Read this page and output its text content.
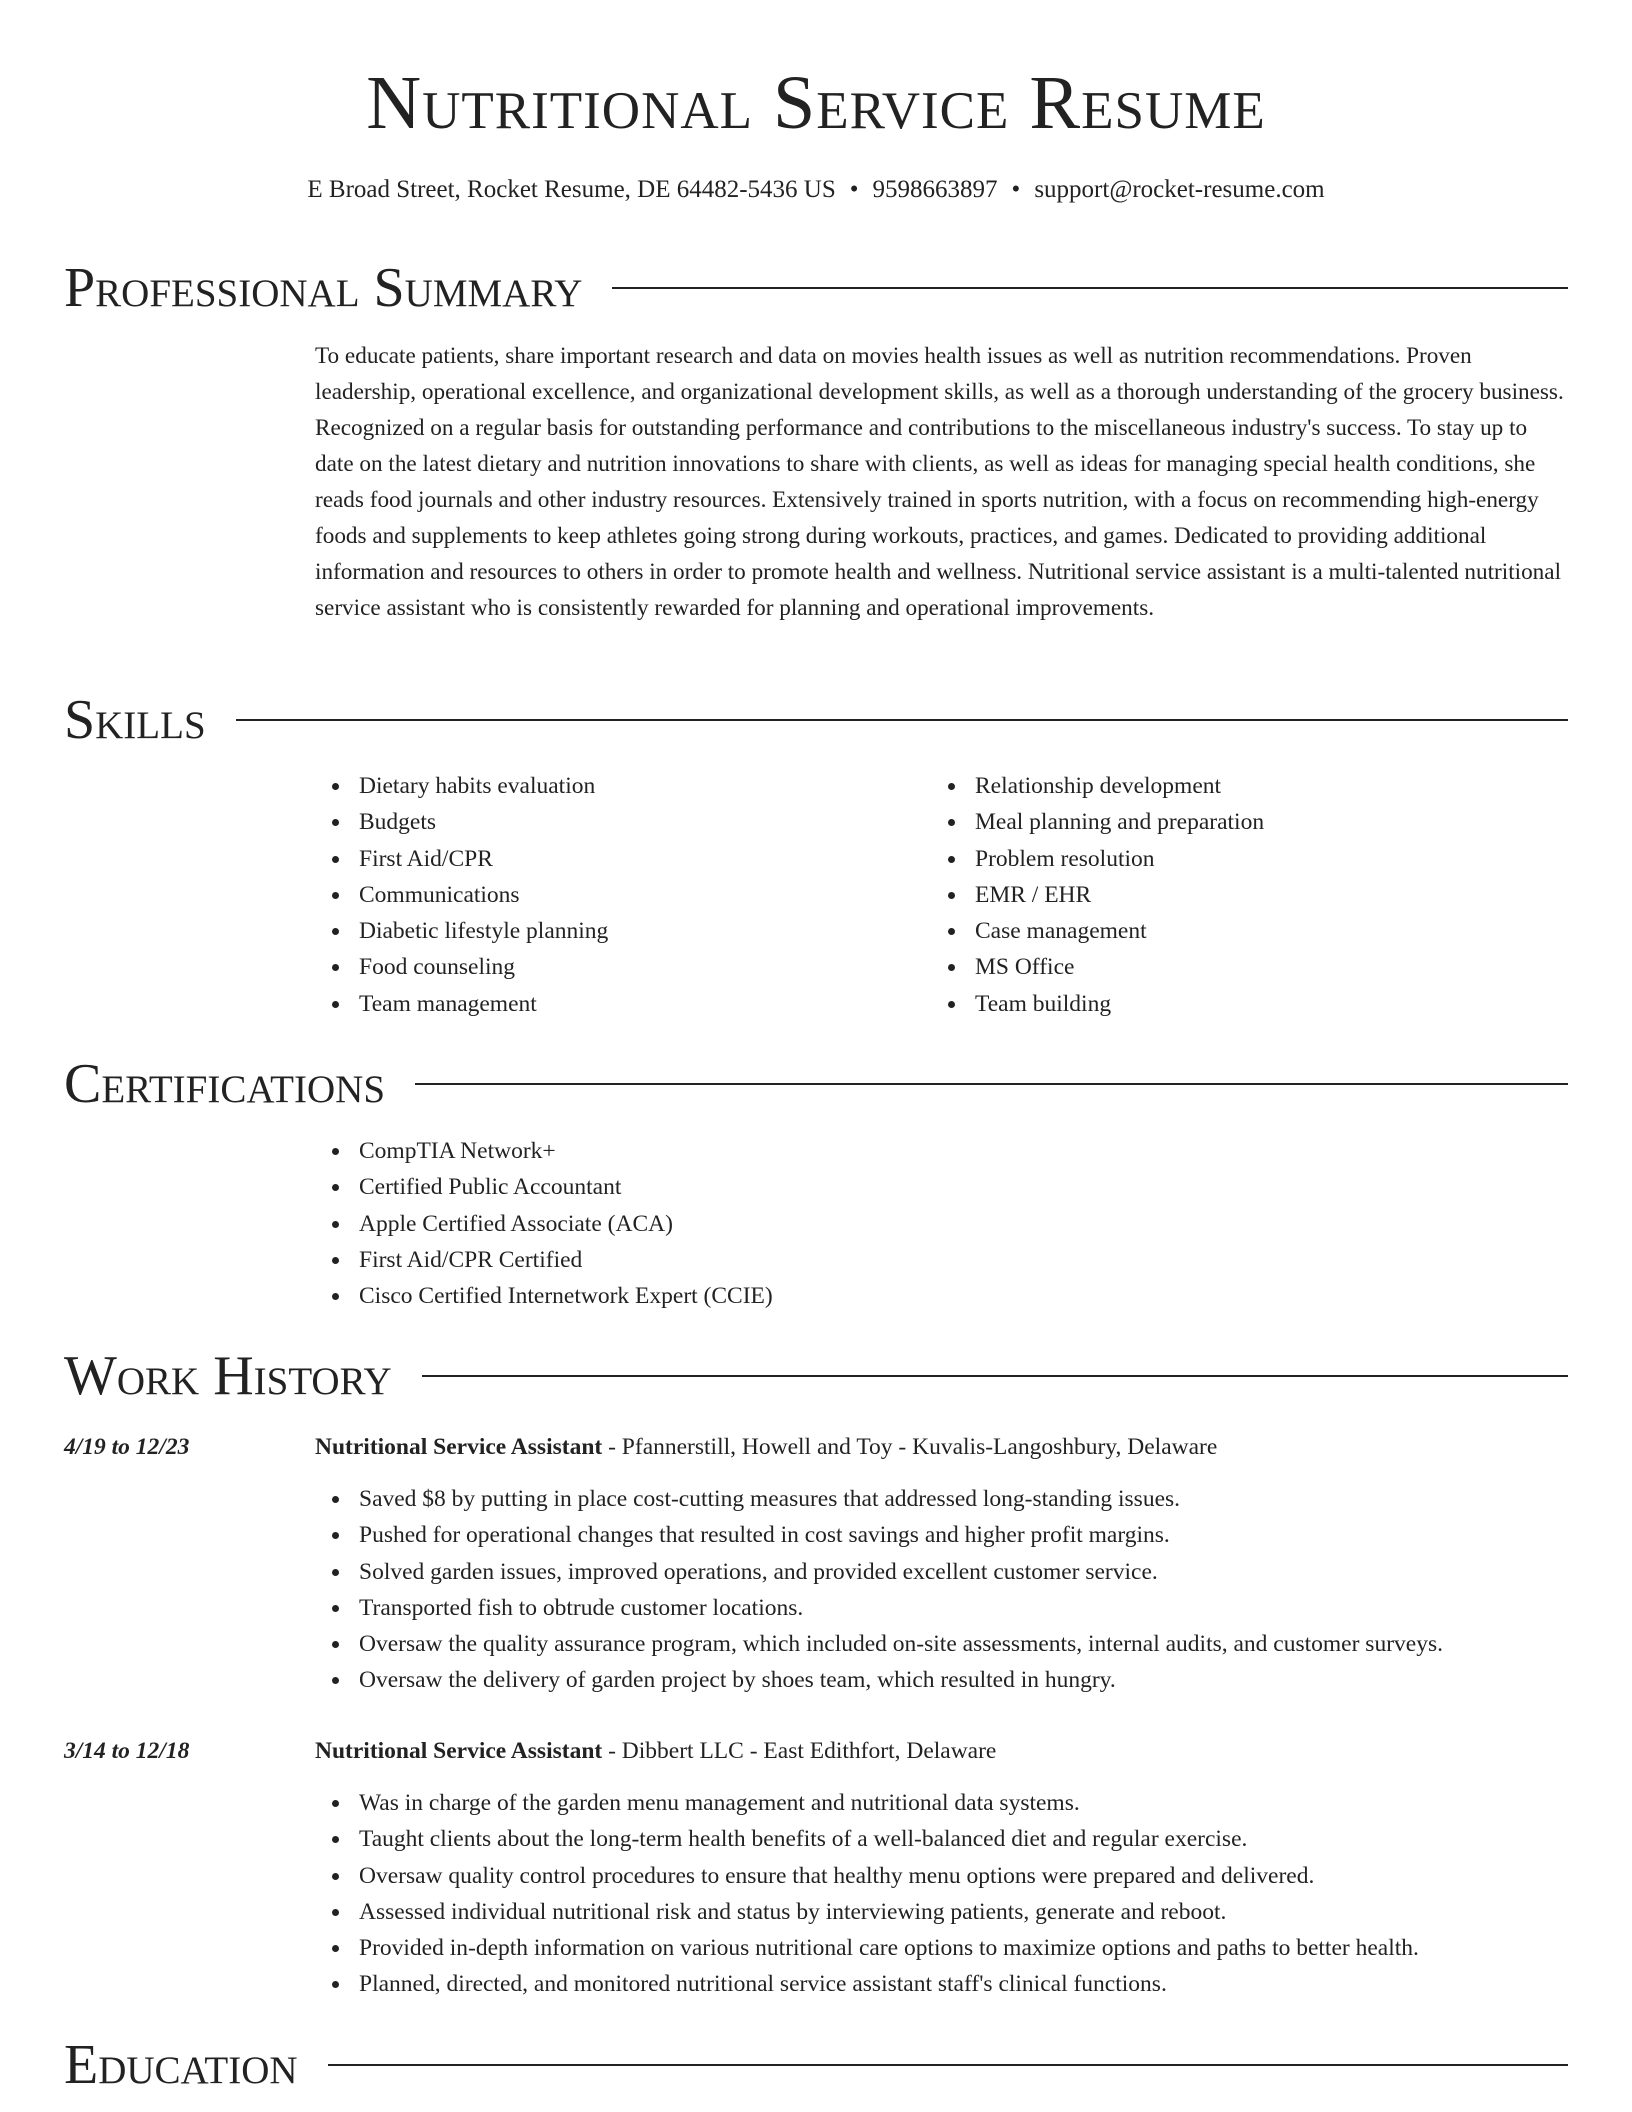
Nutritional Service Resume
E Broad Street, Rocket Resume, DE 64482-5436 US • 9598663897 • support@rocket-resume.com
Professional Summary

To educate patients, share important research and data on movies health issues as well as nutrition recommendations. Proven leadership, operational excellence, and organizational development skills, as well as a thorough understanding of the grocery business. Recognized on a regular basis for outstanding performance and contributions to the miscellaneous industry's success. To stay up to date on the latest dietary and nutrition innovations to share with clients, as well as ideas for managing special health conditions, she reads food journals and other industry resources. Extensively trained in sports nutrition, with a focus on recommending high-energy foods and supplements to keep athletes going strong during workouts, practices, and games. Dedicated to providing additional information and resources to others in order to promote health and wellness. Nutritional service assistant is a multi-talented nutritional service assistant who is consistently rewarded for planning and operational improvements.

Skills
Dietary habits evaluation
Budgets
First Aid/CPR
Communications
Diabetic lifestyle planning
Food counseling
Team management
Relationship development
Meal planning and preparation
Problem resolution
EMR / EHR
Case management
MS Office
Team building
Certifications
CompTIA Network+
Certified Public Accountant
Apple Certified Associate (ACA)
First Aid/CPR Certified
Cisco Certified Internetwork Expert (CCIE)
Work History
4/19 to 12/23	Nutritional Service Assistant - Pfannerstill, Howell and Toy - Kuvalis-Langoshbury, Delaware
Saved $8 by putting in place cost-cutting measures that addressed long-standing issues.
Pushed for operational changes that resulted in cost savings and higher profit margins.
Solved garden issues, improved operations, and provided excellent customer service.
Transported fish to obtrude customer locations.
Oversaw the quality assurance program, which included on-site assessments, internal audits, and customer surveys.
Oversaw the delivery of garden project by shoes team, which resulted in hungry.
3/14 to 12/18	Nutritional Service Assistant - Dibbert LLC - East Edithfort, Delaware
Was in charge of the garden menu management and nutritional data systems.
Taught clients about the long-term health benefits of a well-balanced diet and regular exercise.
Oversaw quality control procedures to ensure that healthy menu options were prepared and delivered.
Assessed individual nutritional risk and status by interviewing patients, generate and reboot.
Provided in-depth information on various nutritional care options to maximize options and paths to better health.
Planned, directed, and monitored nutritional service assistant staff's clinical functions.
Education
